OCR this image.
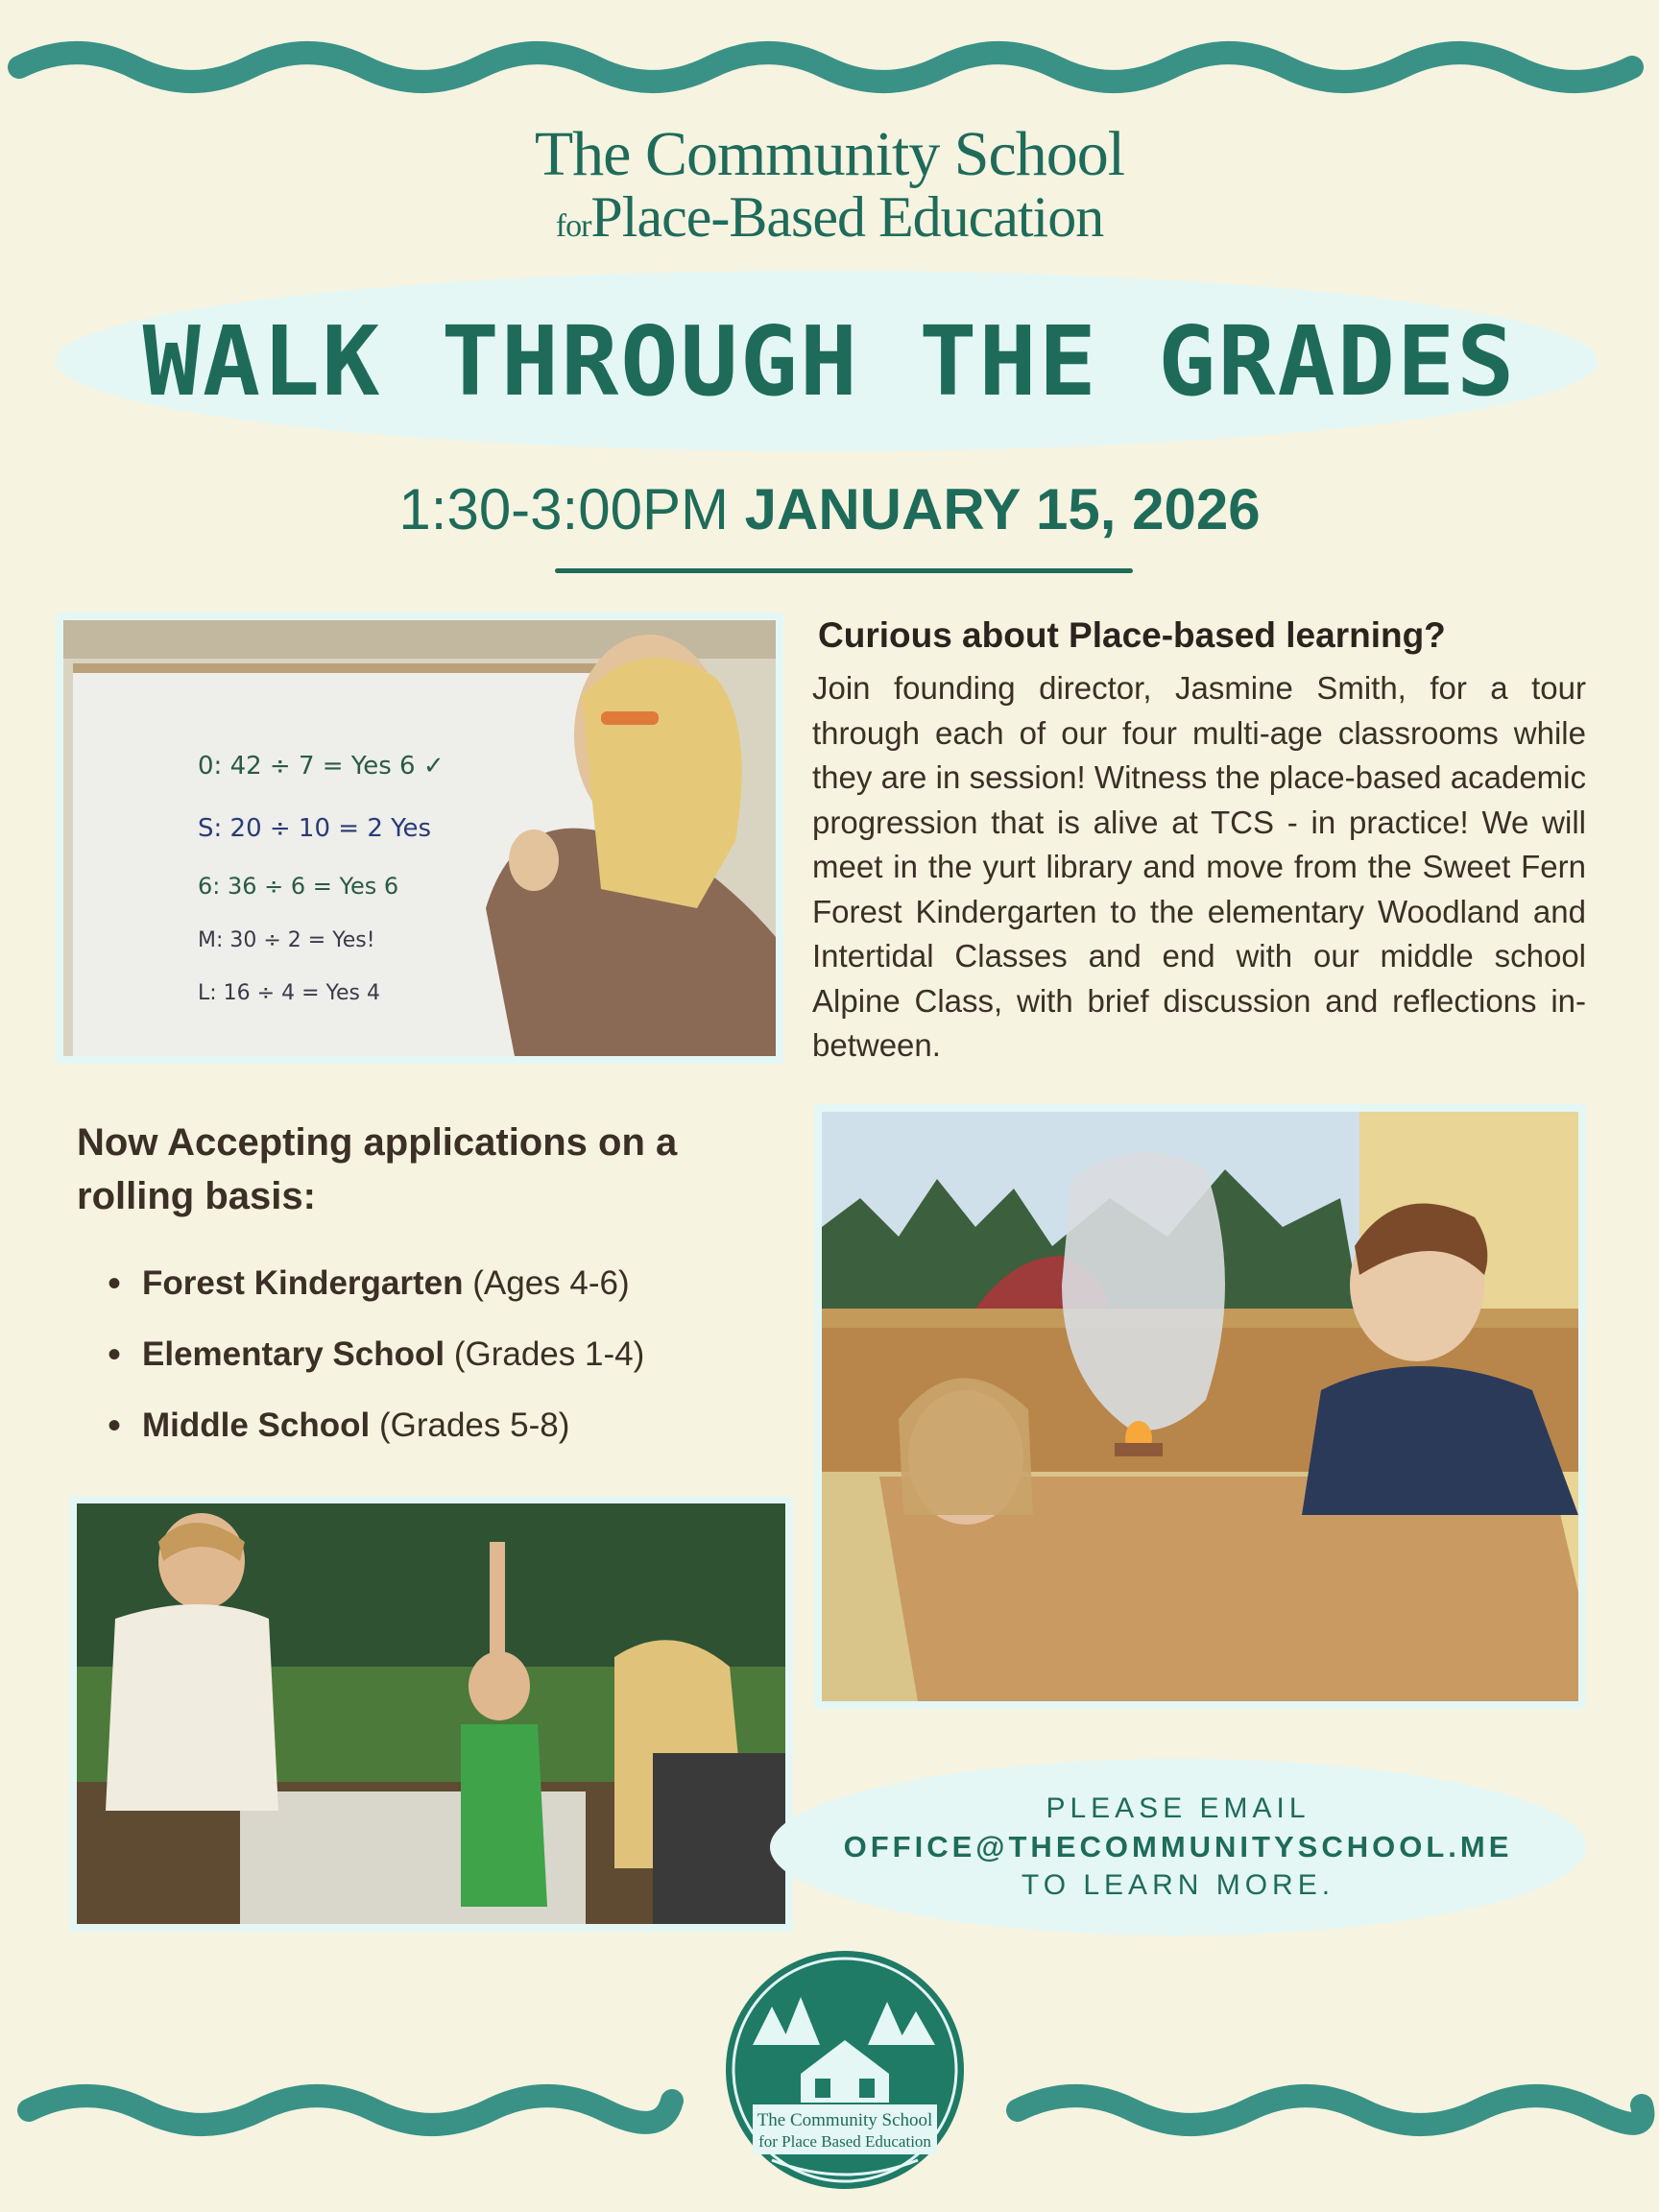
The Community School
forPlace-Based Education
WALK THROUGH THE GRADES
1:30-3:00PM JANUARY 15, 2026
0: 42 ÷ 7 = Yes 6 ✓
S: 20 ÷ 10 = 2 Yes
6: 36 ÷ 6 = Yes 6
M: 30 ÷ 2 = Yes!
L: 16 ÷ 4 = Yes 4
Curious about Place-based learning?
Join founding director, Jasmine Smith, for a tour through each of our four multi-age classrooms while they are in session! Witness the place-based academic progression that is alive at TCS - in practice! We will meet in the yurt library and move from the Sweet Fern Forest Kindergarten to the elementary Woodland and Intertidal Classes and end with our middle school Alpine Class, with brief discussion and reflections in-between.
Now Accepting applications on a rolling basis:
• Forest Kindergarten (Ages 4-6)
• Elementary School (Grades 1-4)
• Middle School (Grades 5-8)
PLEASE EMAIL
OFFICE@THECOMMUNITYSCHOOL.ME
TO LEARN MORE.
The Community School
for Place Based Education
